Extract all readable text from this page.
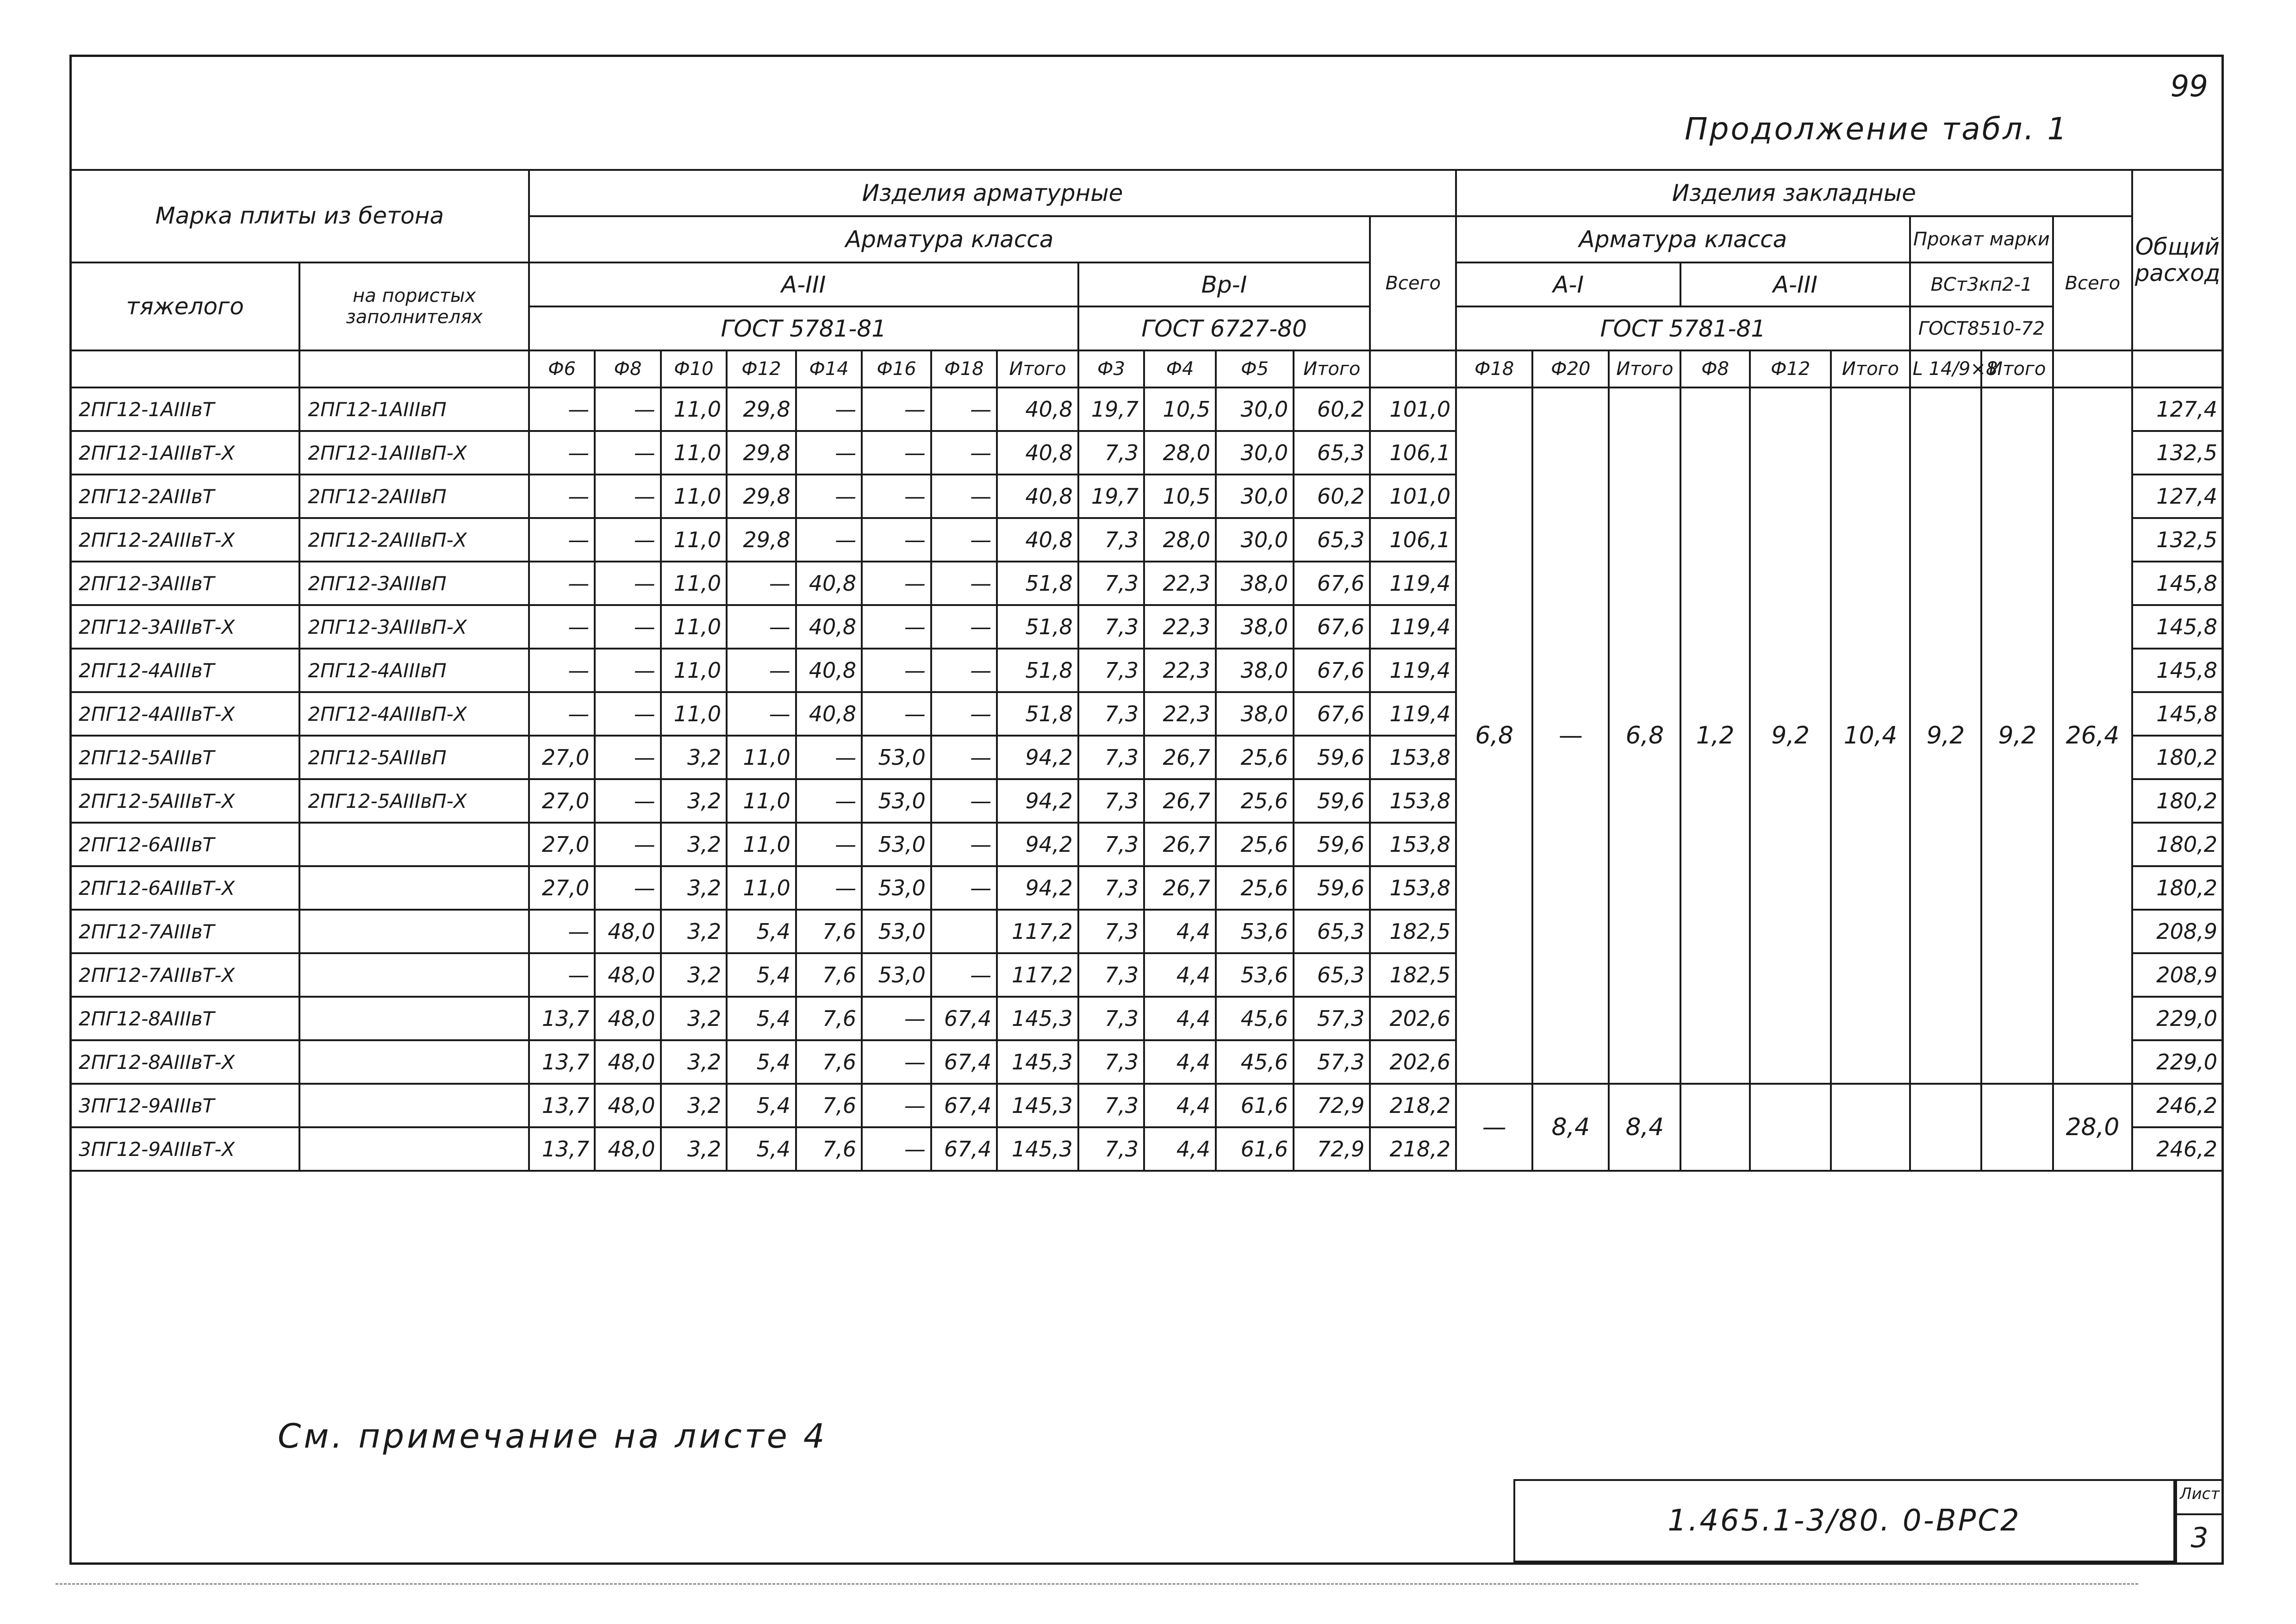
99
Продолжение табл. 1
Марка плиты из бетона		Изделия арматурные													Изделия закладные									Общий расход
		Арматура класса												Всего	Арматура класса						Прокат марки		Всего	
тяжелого	на пористых заполнителях	А-III								Вр-I					А-I			А-III			ВСт3кп2-1			
		ГОСТ 5781-81								ГОСТ 6727-80					ГОСТ 5781-81						ГОСТ8510-72			
		Ф6	Ф8	Ф10	Ф12	Ф14	Ф16	Ф18	Итого	Ф3	Ф4	Ф5	Итого		Ф18	Ф20	Итого	Ф8	Ф12	Итого	L 14/9×8	Итого		
2ПГ12-1АIIIвТ	2ПГ12-1АIIIвП	—	—	11,0	29,8	—	—	—	40,8	19,7	10,5	30,0	60,2	101,0	6,8	—	6,8	1,2	9,2	10,4	9,2	9,2	26,4	127,4
2ПГ12-1АIIIвТ-Х	2ПГ12-1АIIIвП-Х	—	—	11,0	29,8	—	—	—	40,8	7,3	28,0	30,0	65,3	106,1										132,5
2ПГ12-2АIIIвТ	2ПГ12-2АIIIвП	—	—	11,0	29,8	—	—	—	40,8	19,7	10,5	30,0	60,2	101,0										127,4
2ПГ12-2АIIIвТ-Х	2ПГ12-2АIIIвП-Х	—	—	11,0	29,8	—	—	—	40,8	7,3	28,0	30,0	65,3	106,1										132,5
2ПГ12-3АIIIвТ	2ПГ12-3АIIIвП	—	—	11,0	—	40,8	—	—	51,8	7,3	22,3	38,0	67,6	119,4										145,8
2ПГ12-3АIIIвТ-Х	2ПГ12-3АIIIвП-Х	—	—	11,0	—	40,8	—	—	51,8	7,3	22,3	38,0	67,6	119,4										145,8
2ПГ12-4АIIIвТ	2ПГ12-4АIIIвП	—	—	11,0	—	40,8	—	—	51,8	7,3	22,3	38,0	67,6	119,4										145,8
2ПГ12-4АIIIвТ-Х	2ПГ12-4АIIIвП-Х	—	—	11,0	—	40,8	—	—	51,8	7,3	22,3	38,0	67,6	119,4										145,8
2ПГ12-5АIIIвТ	2ПГ12-5АIIIвП	27,0	—	3,2	11,0	—	53,0	—	94,2	7,3	26,7	25,6	59,6	153,8										180,2
2ПГ12-5АIIIвТ-Х	2ПГ12-5АIIIвП-Х	27,0	—	3,2	11,0	—	53,0	—	94,2	7,3	26,7	25,6	59,6	153,8										180,2
2ПГ12-6АIIIвТ		27,0	—	3,2	11,0	—	53,0	—	94,2	7,3	26,7	25,6	59,6	153,8										180,2
2ПГ12-6АIIIвТ-Х		27,0	—	3,2	11,0	—	53,0	—	94,2	7,3	26,7	25,6	59,6	153,8										180,2
2ПГ12-7АIIIвТ		—	48,0	3,2	5,4	7,6	53,0		117,2	7,3	4,4	53,6	65,3	182,5										208,9
2ПГ12-7АIIIвТ-Х		—	48,0	3,2	5,4	7,6	53,0	—	117,2	7,3	4,4	53,6	65,3	182,5										208,9
2ПГ12-8АIIIвТ		13,7	48,0	3,2	5,4	7,6	—	67,4	145,3	7,3	4,4	45,6	57,3	202,6										229,0
2ПГ12-8АIIIвТ-Х		13,7	48,0	3,2	5,4	7,6	—	67,4	145,3	7,3	4,4	45,6	57,3	202,6										229,0
3ПГ12-9АIIIвТ		13,7	48,0	3,2	5,4	7,6	—	67,4	145,3	7,3	4,4	61,6	72,9	218,2	—	8,4	8,4						28,0	246,2
3ПГ12-9АIIIвТ-Х		13,7	48,0	3,2	5,4	7,6	—	67,4	145,3	7,3	4,4	61,6	72,9	218,2										246,2
См. примечание на листе 4
1.465.1-3/80. 0-ВРС2
Лист
3
